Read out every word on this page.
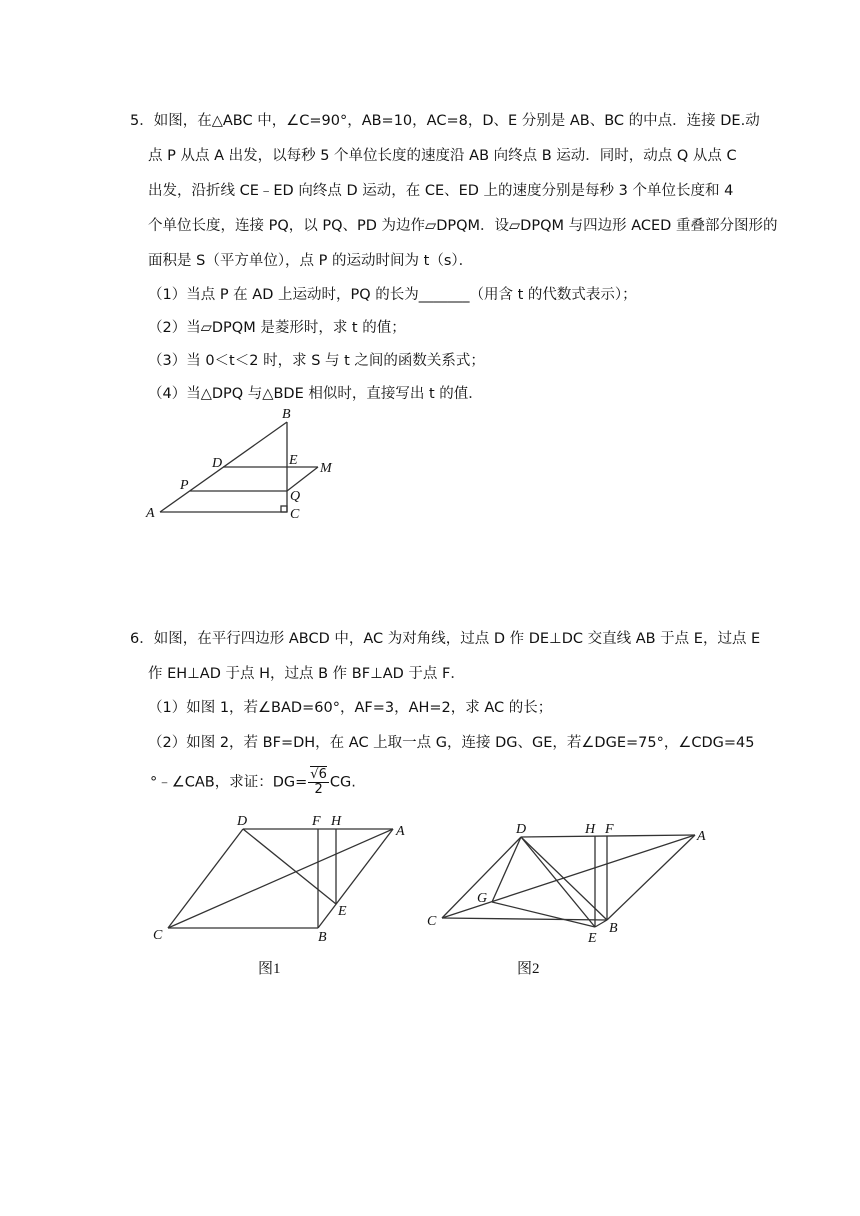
5．如图，在△ABC 中，∠C=90°，AB=10，AC=8，D、E 分别是 AB、BC 的中点．连接 DE.动
点 P 从点 A 出发，以每秒 5 个单位长度的速度沿 AB 向终点 B 运动．同时，动点 Q 从点 C
出发，沿折线 CE﹣ED 向终点 D 运动，在 CE、ED 上的速度分别是每秒 3 个单位长度和 4
个单位长度，连接 PQ，以 PQ、PD 为边作▱DPQM．设▱DPQM 与四边形 ACED 重叠部分图形的
面积是 S（平方单位），点 P 的运动时间为 t（s）．
（1）当点 P 在 AD 上运动时，PQ 的长为_______（用含 t 的代数式表示）；
（2）当▱DPQM 是菱形时，求 t 的值；
（3）当 0＜t＜2 时，求 S 与 t 之间的函数关系式；
（4）当△DPQ 与△BDE 相似时，直接写出 t 的值．
A
B
C
D	E
P
Q
M
6．如图，在平行四边形 ABCD 中，AC 为对角线，过点 D 作 DE⊥DC 交直线 AB 于点 E，过点 E
作 EH⊥AD 于点 H，过点 B 作 BF⊥AD 于点 F．
（1）如图 1，若∠BAD=60°，AF=3，AH=2，求 AC 的长；
（2）如图 2，若 BF=DH，在 AC 上取一点 G，连接 DG、GE，若∠DGE=75°，∠CDG=45
°﹣∠CAB，求证：$DG= \frac{√6}{2}$ CG.
D	F H
A
E
C	B
图1
D	H F	A
G
C
E
B
图2
